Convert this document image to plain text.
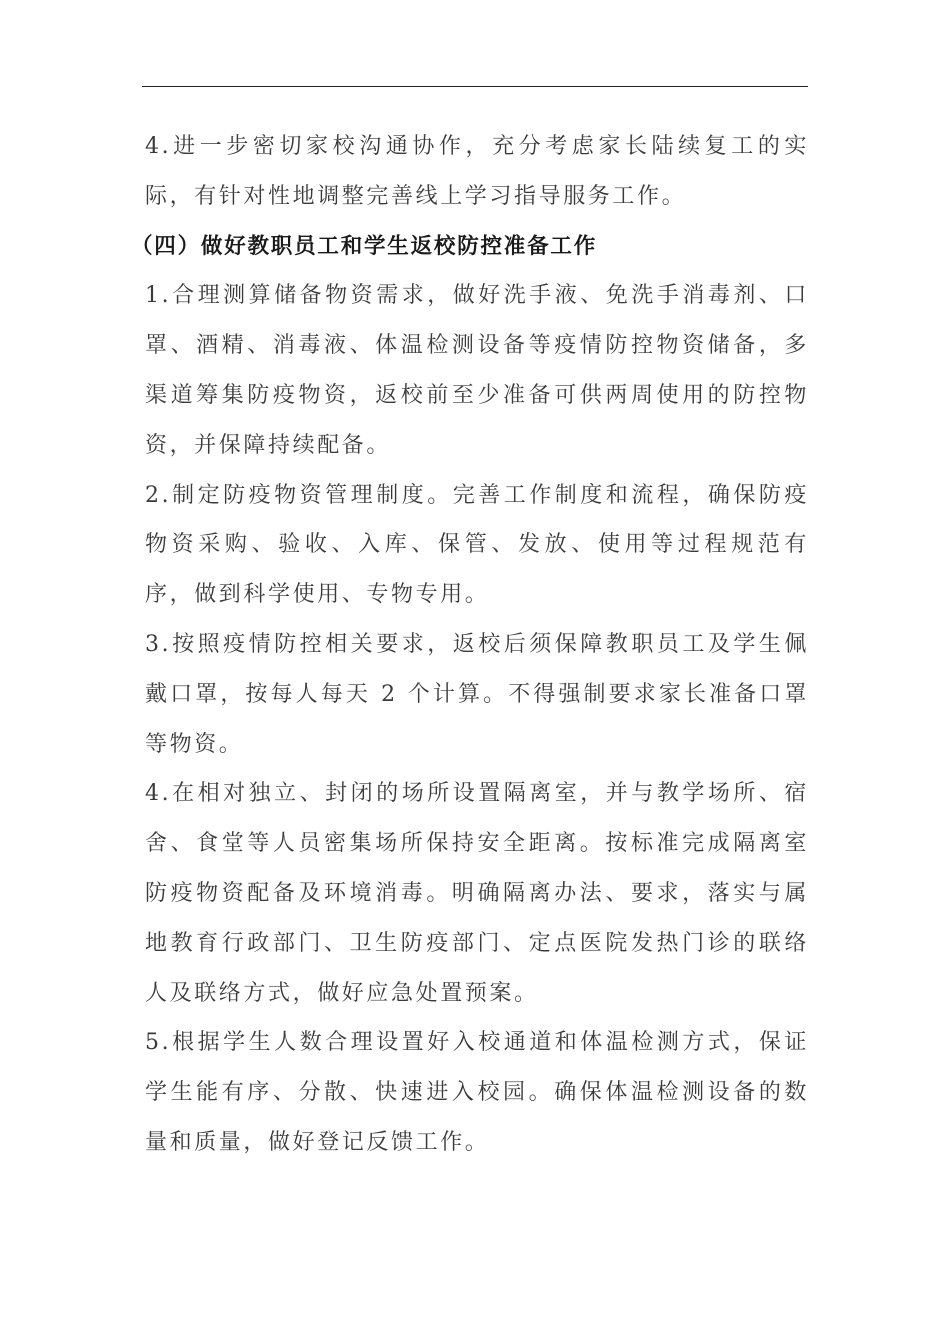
4.进一步密切家校沟通协作，充分考虑家长陆续复工的实际，有针对性地调整完善线上学习指导服务工作。

（四）做好教职员工和学生返校防控准备工作

1.合理测算储备物资需求，做好洗手液、免洗手消毒剂、口罩、酒精、消毒液、体温检测设备等疫情防控物资储备，多渠道筹集防疫物资，返校前至少准备可供两周使用的防控物资，并保障持续配备。

2.制定防疫物资管理制度。完善工作制度和流程，确保防疫物资采购、验收、入库、保管、发放、使用等过程规范有序，做到科学使用、专物专用。

3.按照疫情防控相关要求，返校后须保障教职员工及学生佩戴口罩，按每人每天 2 个计算。不得强制要求家长准备口罩等物资。

4.在相对独立、封闭的场所设置隔离室，并与教学场所、宿舍、食堂等人员密集场所保持安全距离。按标准完成隔离室防疫物资配备及环境消毒。明确隔离办法、要求，落实与属地教育行政部门、卫生防疫部门、定点医院发热门诊的联络人及联络方式，做好应急处置预案。

5.根据学生人数合理设置好入校通道和体温检测方式，保证学生能有序、分散、快速进入校园。确保体温检测设备的数量和质量，做好登记反馈工作。
